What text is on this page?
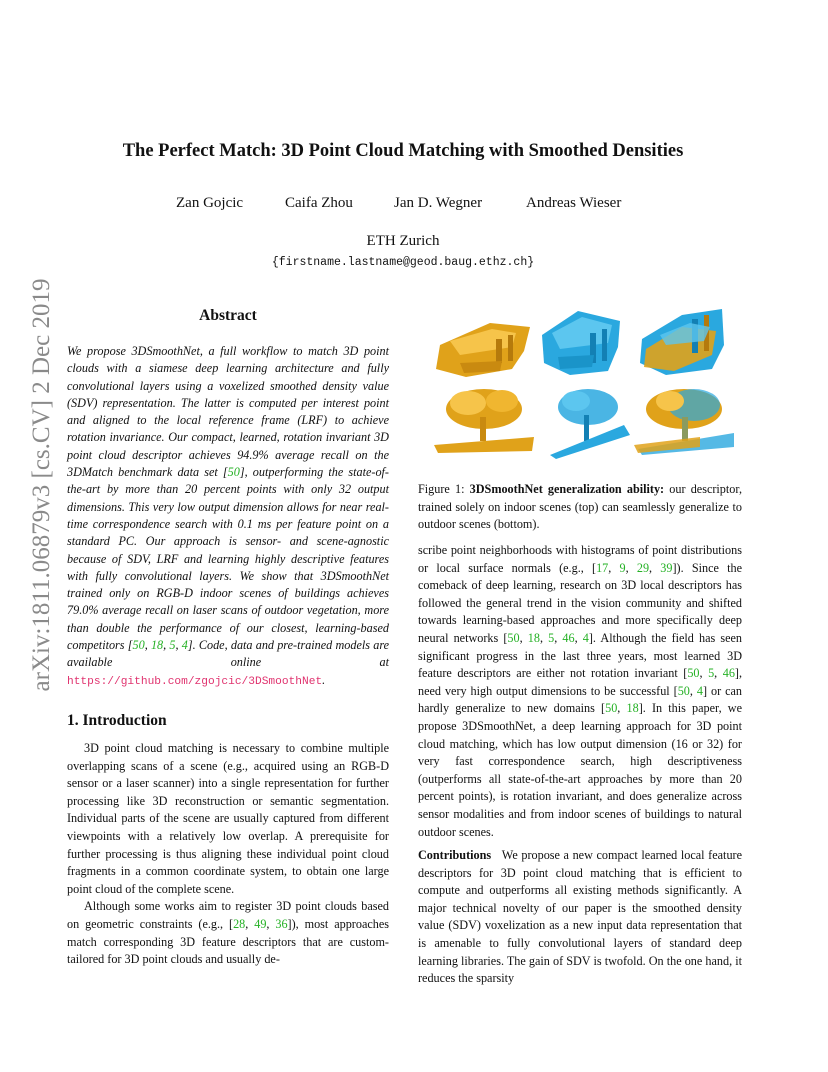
The Perfect Match: 3D Point Cloud Matching with Smoothed Densities
Zan Gojcic	Caifa Zhou	Jan D. Wegner	Andreas Wieser
ETH Zurich
{firstname.lastname@geod.baug.ethz.ch}
arXiv:1811.06879v3 [cs.CV] 2 Dec 2019	Abstract
We propose 3DSmoothNet, a full workflow to match 3D point clouds with a siamese deep learning architecture and fully convolutional layers using a voxelized smoothed density value (SDV) representation. The latter is computed per interest point and aligned to the local reference frame (LRF) to achieve rotation invariance. Our compact, learned, rotation invariant 3D point cloud descriptor achieves 94.9% average recall on the 3DMatch benchmark data set [50], outperforming the state-of-the-art by more than 20 percent points with only 32 output dimensions. This very low output dimension allows for near real-time correspondence search with 0.1 ms per feature point on a standard PC. Our approach is sensor- and scene-agnostic because of SDV, LRF and learning highly descriptive features with fully convolutional layers. We show that 3DSmoothNet trained only on RGB-D indoor scenes of buildings achieves 79.0% average recall on laser scans of outdoor vegetation, more than double the performance of our closest, learning-based competitors [50, 18, 5, 4]. Code, data and pre-trained models are available online at https://github.com/zgojcic/3DSmoothNet.
1. Introduction

3D point cloud matching is necessary to combine multiple overlapping scans of a scene (e.g., acquired using an RGB-D sensor or a laser scanner) into a single representation for further processing like 3D reconstruction or semantic segmentation. Individual parts of the scene are usually captured from different viewpoints with a relatively low overlap. A prerequisite for further processing is thus aligning these individual point cloud fragments in a common coordinate system, to obtain one large point cloud of the complete scene.

Although some works aim to register 3D point clouds based on geometric constraints (e.g., [28, 49, 36]), most approaches match corresponding 3D feature descriptors that are custom-tailored for 3D point clouds and usually de-

Figure 1: 3DSmoothNet generalization ability: our descriptor, trained solely on indoor scenes (top) can seamlessly generalize to outdoor scenes (bottom).

scribe point neighborhoods with histograms of point distributions or local surface normals (e.g., [17, 9, 29, 39]). Since the comeback of deep learning, research on 3D local descriptors has followed the general trend in the vision community and shifted towards learning-based approaches and more specifically deep neural networks [50, 18, 5, 46, 4]. Although the field has seen significant progress in the last three years, most learned 3D feature descriptors are either not rotation invariant [50, 5, 46], need very high output dimensions to be successful [50, 4] or can hardly generalize to new domains [50, 18]. In this paper, we propose 3DSmoothNet, a deep learning approach for 3D point cloud matching, which has low output dimension (16 or 32) for very fast correspondence search, high descriptiveness (outperforms all state-of-the-art approaches by more than 20 percent points), is rotation invariant, and does generalize across sensor modalities and from indoor scenes of buildings to natural outdoor scenes.

Contributions We propose a new compact learned local feature descriptors for 3D point cloud matching that is efficient to compute and outperforms all existing methods significantly. A major technical novelty of our paper is the smoothed density value (SDV) voxelization as a new input data representation that is amenable to fully convolutional layers of standard deep learning libraries. The gain of SDV is twofold. On the one hand, it reduces the sparsity
